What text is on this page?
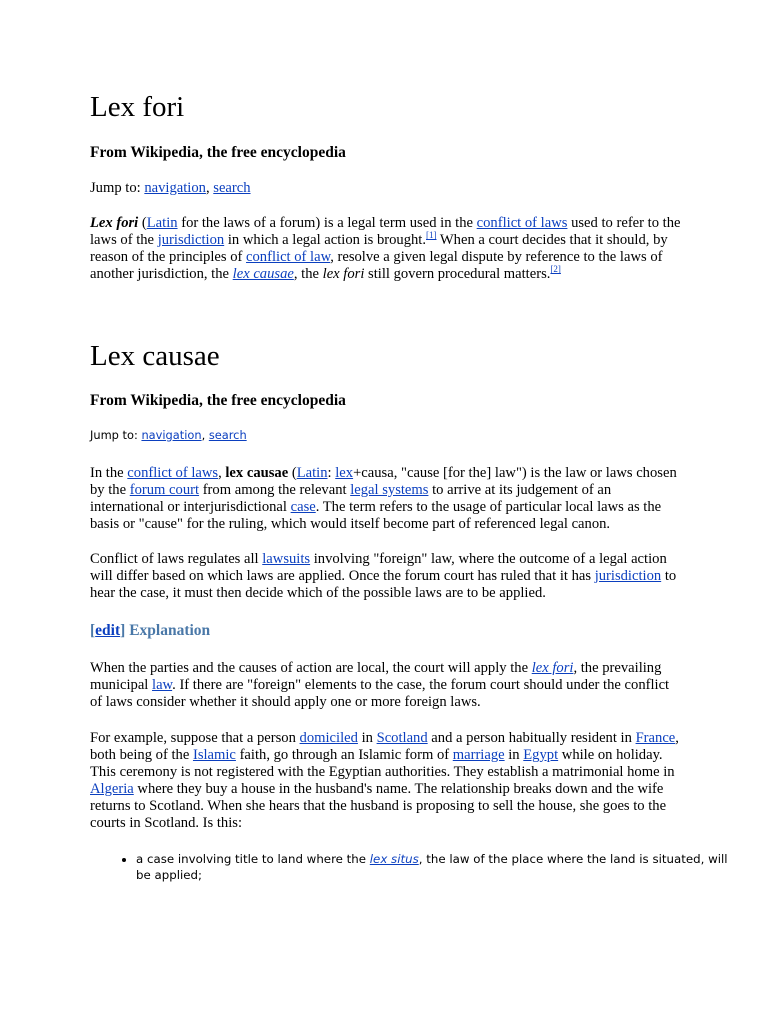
Lex fori
From Wikipedia, the free encyclopedia

Jump to: navigation, search

Lex fori (Latin for the laws of a forum) is a legal term used in the conflict of laws used to refer to the laws of the jurisdiction in which a legal action is brought.[1] When a court decides that it should, by reason of the principles of conflict of law, resolve a given legal dispute by reference to the laws of another jurisdiction, the lex causae, the lex fori still govern procedural matters.[2]

Lex causae
From Wikipedia, the free encyclopedia

Jump to: navigation, search

In the conflict of laws, lex causae (Latin: lex+causa, "cause [for the] law") is the law or laws chosen by the forum court from among the relevant legal systems to arrive at its judgement of an international or interjurisdictional case. The term refers to the usage of particular local laws as the basis or "cause" for the ruling, which would itself become part of referenced legal canon.

Conflict of laws regulates all lawsuits involving "foreign" law, where the outcome of a legal action will differ based on which laws are applied. Once the forum court has ruled that it has jurisdiction to hear the case, it must then decide which of the possible laws are to be applied.

[edit] Explanation

When the parties and the causes of action are local, the court will apply the lex fori, the prevailing municipal law. If there are "foreign" elements to the case, the forum court should under the conflict of laws consider whether it should apply one or more foreign laws.

For example, suppose that a person domiciled in Scotland and a person habitually resident in France, both being of the Islamic faith, go through an Islamic form of marriage in Egypt while on holiday. This ceremony is not registered with the Egyptian authorities. They establish a matrimonial home in Algeria where they buy a house in the husband's name. The relationship breaks down and the wife returns to Scotland. When she hears that the husband is proposing to sell the house, she goes to the courts in Scotland. Is this:

• a case involving title to land where the lex situs, the law of the place where the land is situated, will be applied;
